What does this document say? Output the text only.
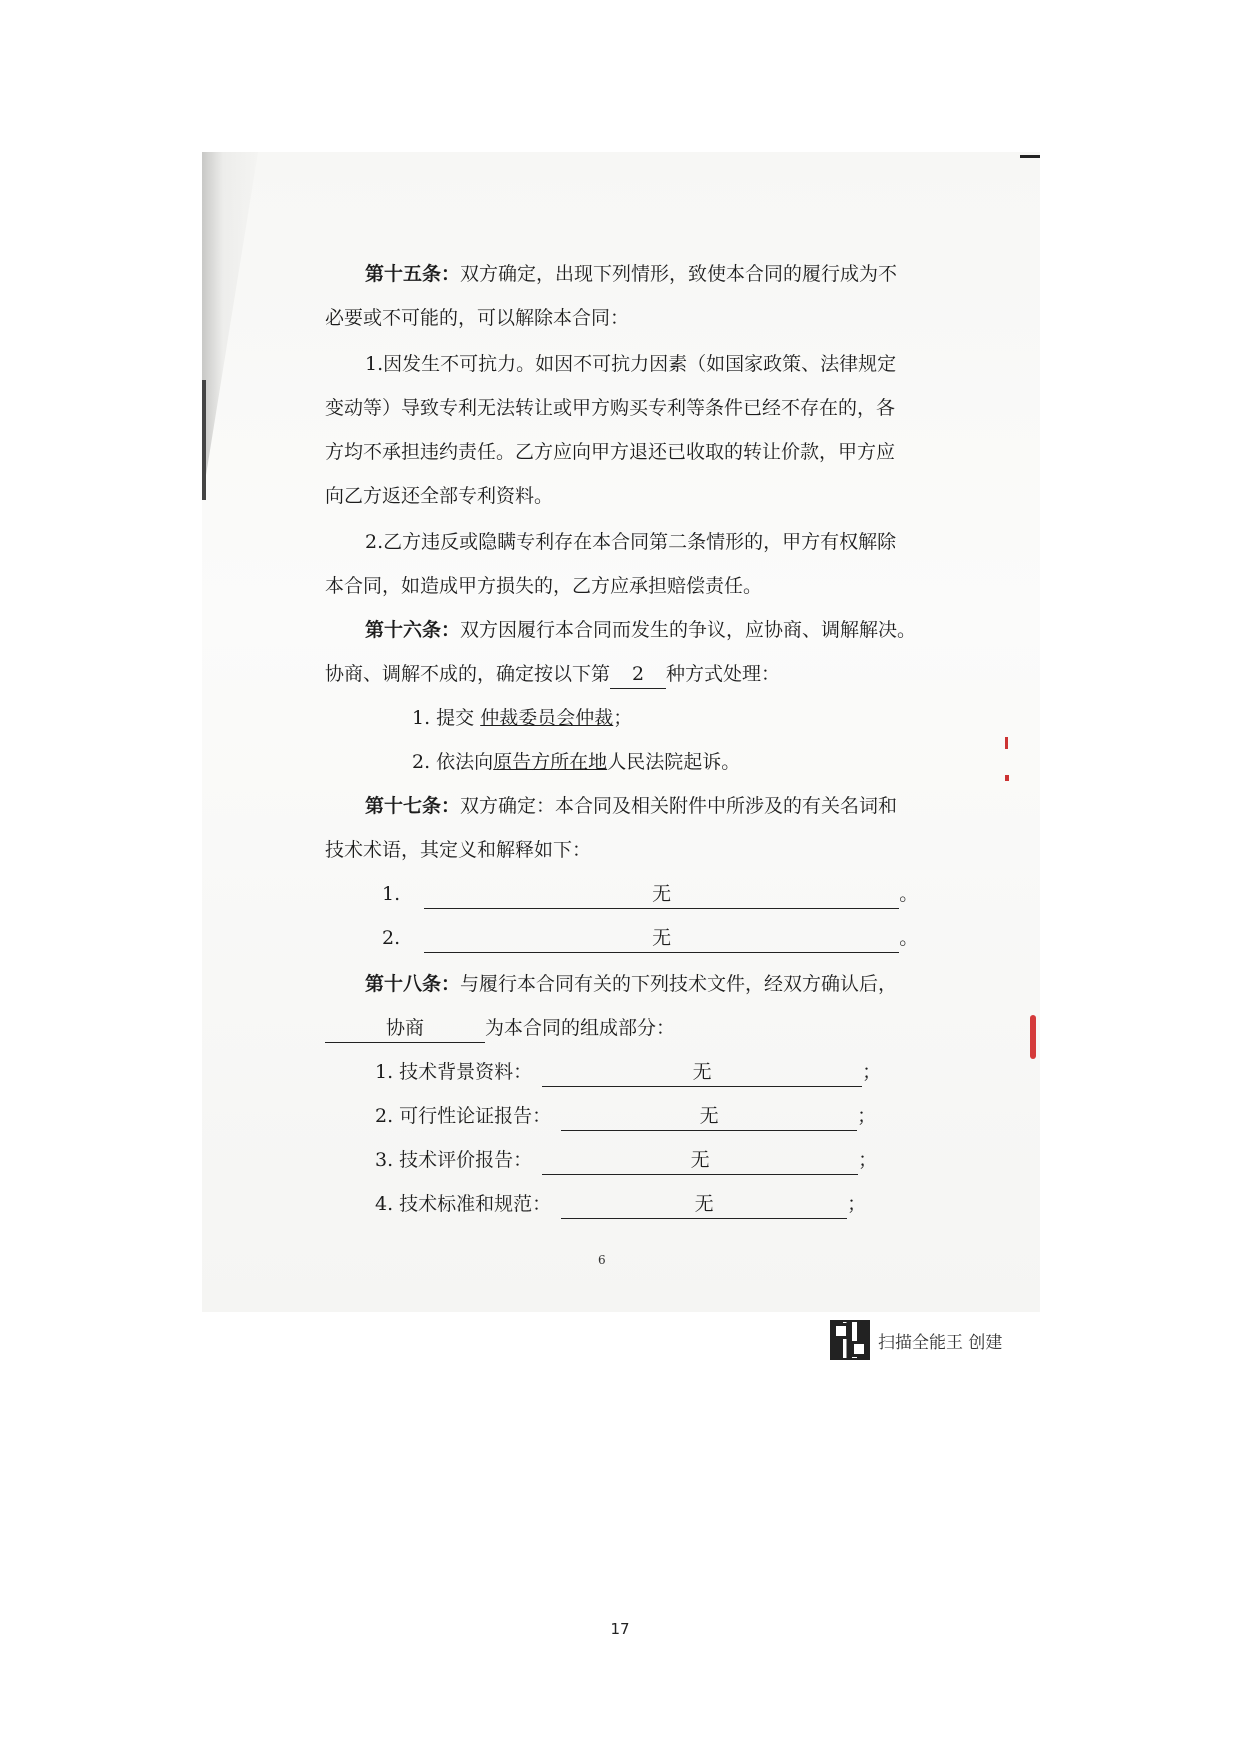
第十五条：双方确定，出现下列情形，致使本合同的履行成为不
必要或不可能的，可以解除本合同：
1.因发生不可抗力。如因不可抗力因素（如国家政策、法律规定
变动等）导致专利无法转让或甲方购买专利等条件已经不存在的，各
方均不承担违约责任。乙方应向甲方退还已收取的转让价款，甲方应
向乙方返还全部专利资料。
2.乙方违反或隐瞒专利存在本合同第二条情形的，甲方有权解除
本合同，如造成甲方损失的，乙方应承担赔偿责任。
第十六条：双方因履行本合同而发生的争议，应协商、调解解决。
协商、调解不成的，确定按以下第 2 种方式处理：
1. 提交 仲裁委员会仲裁；
2. 依法向原告方所在地人民法院起诉。
第十七条：双方确定：本合同及相关附件中所涉及的有关名词和
技术术语，其定义和解释如下：
1.	无	。
2.	无	。
第十八条：与履行本合同有关的下列技术文件，经双方确认后，
协商	为本合同的组成部分：
1. 技术背景资料：	无	；
2. 可行性论证报告：	无	；
3. 技术评价报告：	无	；
4. 技术标准和规范：	无	；
6
扫描全能王 创建
17
